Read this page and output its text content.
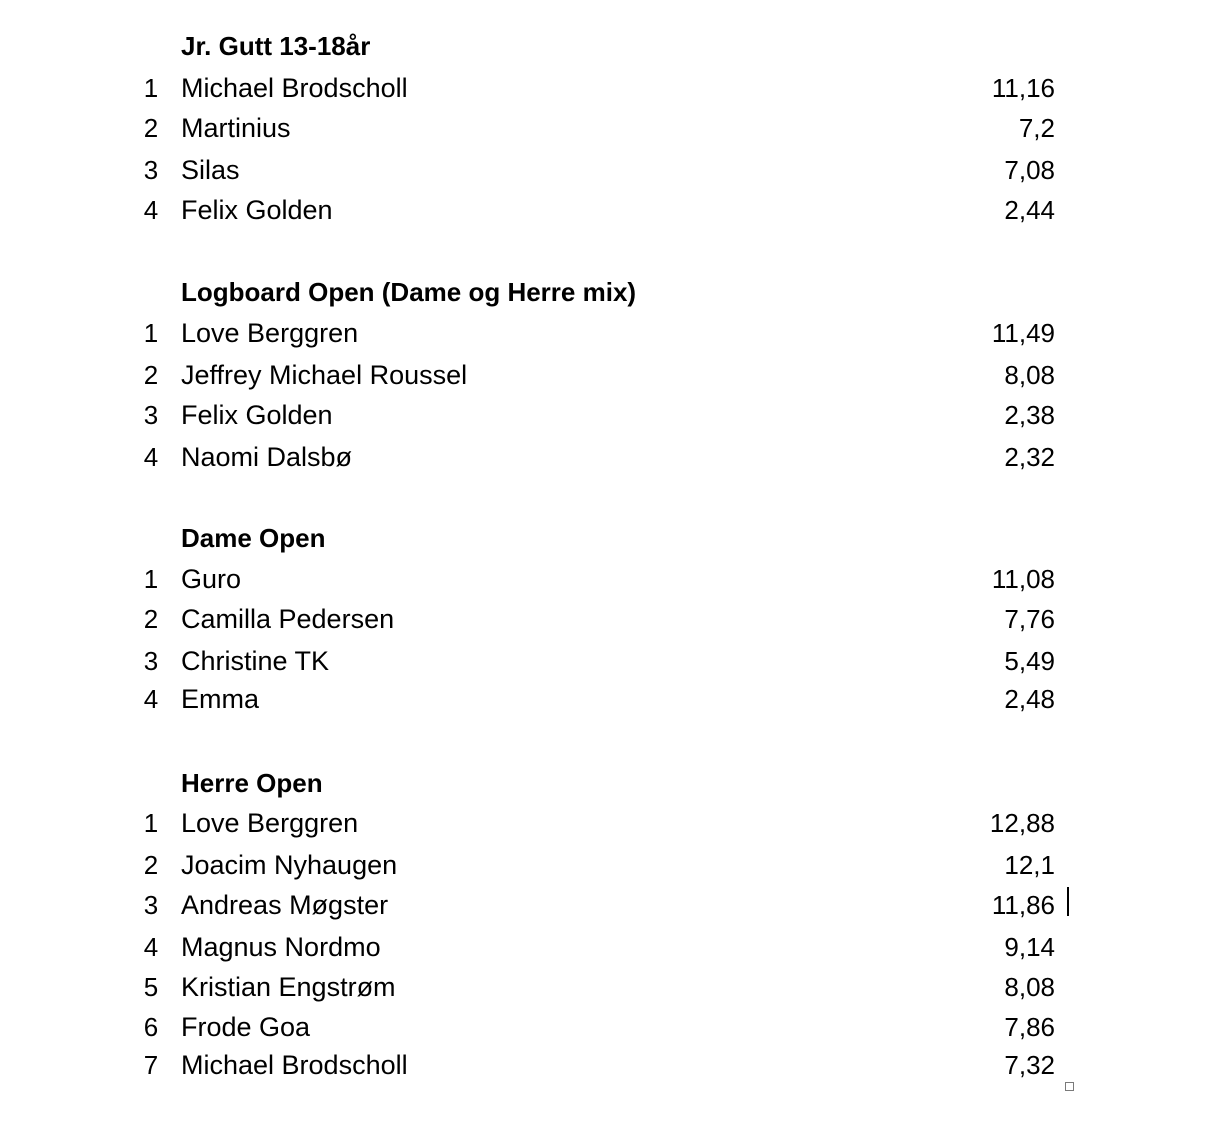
Jr. Gutt 13-18år
1 Michael Brodscholl	11,16
2 Martinius	7,2
3 Silas	7,08
4 Felix Golden	2,44
Logboard Open (Dame og Herre mix)
1 Love Berggren	11,49
2 Jeffrey Michael Roussel	8,08
3 Felix Golden	2,38
4 Naomi Dalsbø	2,32
Dame Open
1 Guro	11,08
2 Camilla Pedersen	7,76
3 Christine TK	5,49
4 Emma	2,48
Herre Open
1 Love Berggren	12,88
2 Joacim Nyhaugen	12,1
3 Andreas Møgster	11,86
4 Magnus Nordmo	9,14
5 Kristian Engstrøm	8,08
6 Frode Goa	7,86
7 Michael Brodscholl	7,32
